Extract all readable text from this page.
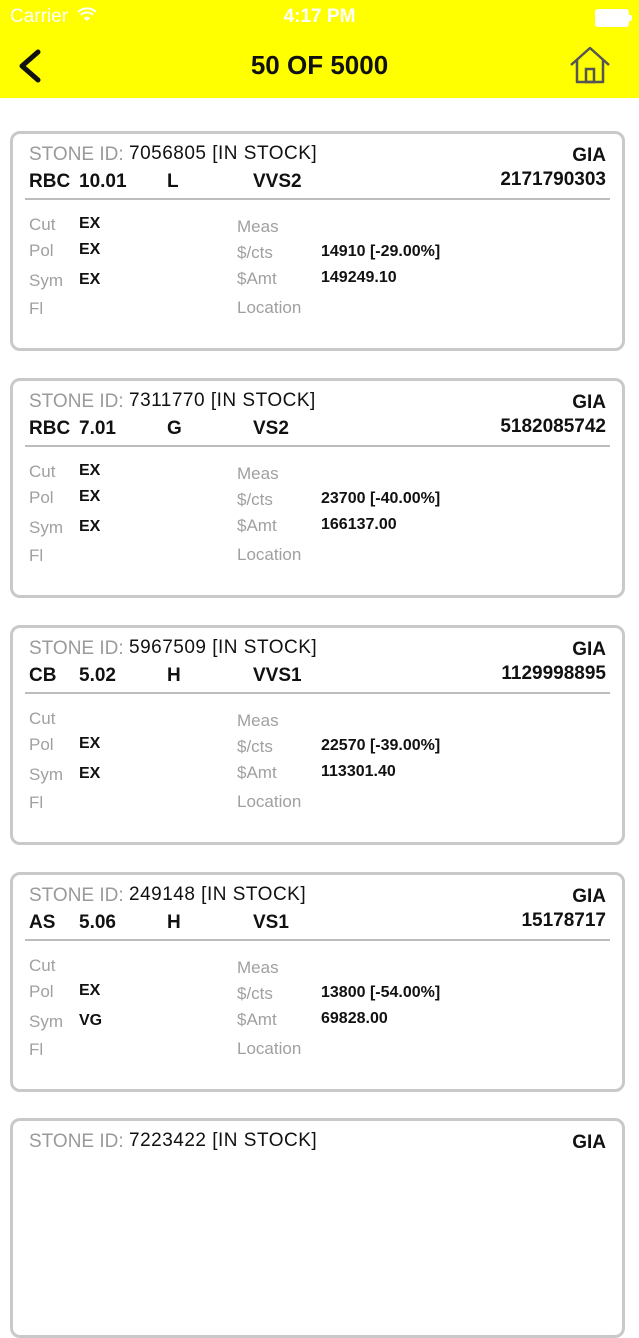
Carrier	4:17 PM
50 OF 5000
STONE ID: 7056805 [IN STOCK]	GIA
RBC 10.01 L	VVS2	2171790303
Cut EX
Pol EX
Sym EX
Fl
Meas
$/cts	14910 [-29.00%]
$Amt	149249.10
Location
STONE ID: 7311770 [IN STOCK]	GIA
RBC 7.01	G	VS2	5182085742
Cut EX
Pol EX
Sym EX
Fl
Meas
$/cts	23700 [-40.00%]
$Amt	166137.00
Location
STONE ID: 5967509 [IN STOCK]	GIA
CB 5.02	H	VVS1	1129998895
Cut
Pol EX
Sym EX
Fl
Meas
$/cts	22570 [-39.00%]
$Amt	113301.40
Location
STONE ID: 249148 [IN STOCK]	GIA
AS 5.06	H	VS1	15178717
Cut
Pol EX
Sym VG
Fl
Meas
$/cts	13800 [-54.00%]
$Amt	69828.00
Location
STONE ID: 7223422 [IN STOCK]	GIA
